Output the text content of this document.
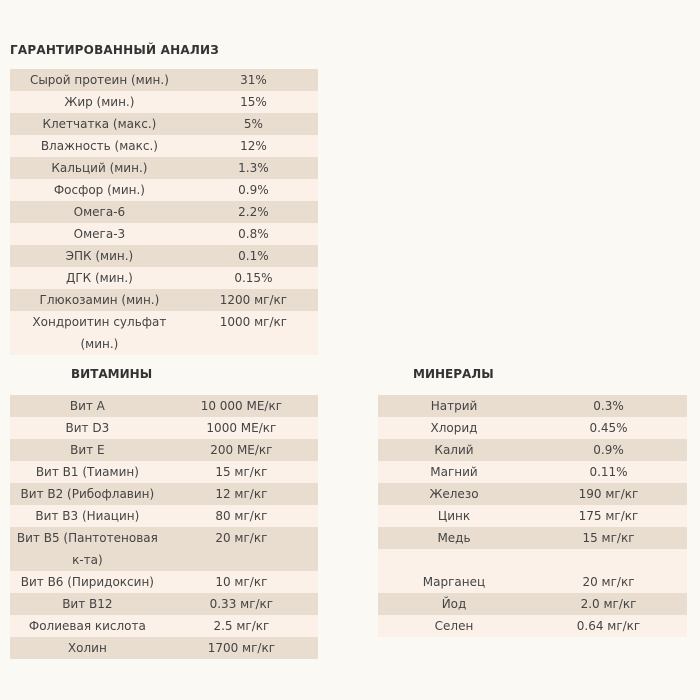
ГАРАНТИРОВАННЫЙ АНАЛИЗ
Сырой протеин (мин.)	31%
Жир (мин.)	15%
Клетчатка (макс.)	5%
Влажность (макс.)	12%
Кальций (мин.)	1.3%
Фосфор (мин.)	0.9%
Омега-6	2.2%
Омега-3	0.8%
ЭПК (мин.)	0.1%
ДГК (мин.)	0.15%
Глюкозамин (мин.)	1200 мг/кг
Хондроитин сульфат (мин.)	1000 мг/кг
ВИТАМИНЫ	МИНЕРАЛЫ
Вит A	10 000 МЕ/кг
Вит D3	1000 МЕ/кг
Вит E	200 МЕ/кг
Вит B1 (Тиамин)	15 мг/кг
Вит B2 (Рибофлавин)	12 мг/кг
Вит B3 (Ниацин)	80 мг/кг
Вит B5 (Пантотеновая к-та)	20 мг/кг
Вит B6 (Пиридоксин)	10 мг/кг
Вит B12	0.33 мг/кг
Фолиевая кислота	2.5 мг/кг
Холин	1700 мг/кг
Натрий	0.3%
Хлорид	0.45%
Калий	0.9%
Магний	0.11%
Железо	190 мг/кг
Цинк	175 мг/кг
Медь	15 мг/кг

Марганец	20 мг/кг
Йод	2.0 мг/кг
Селен	0.64 мг/кг
